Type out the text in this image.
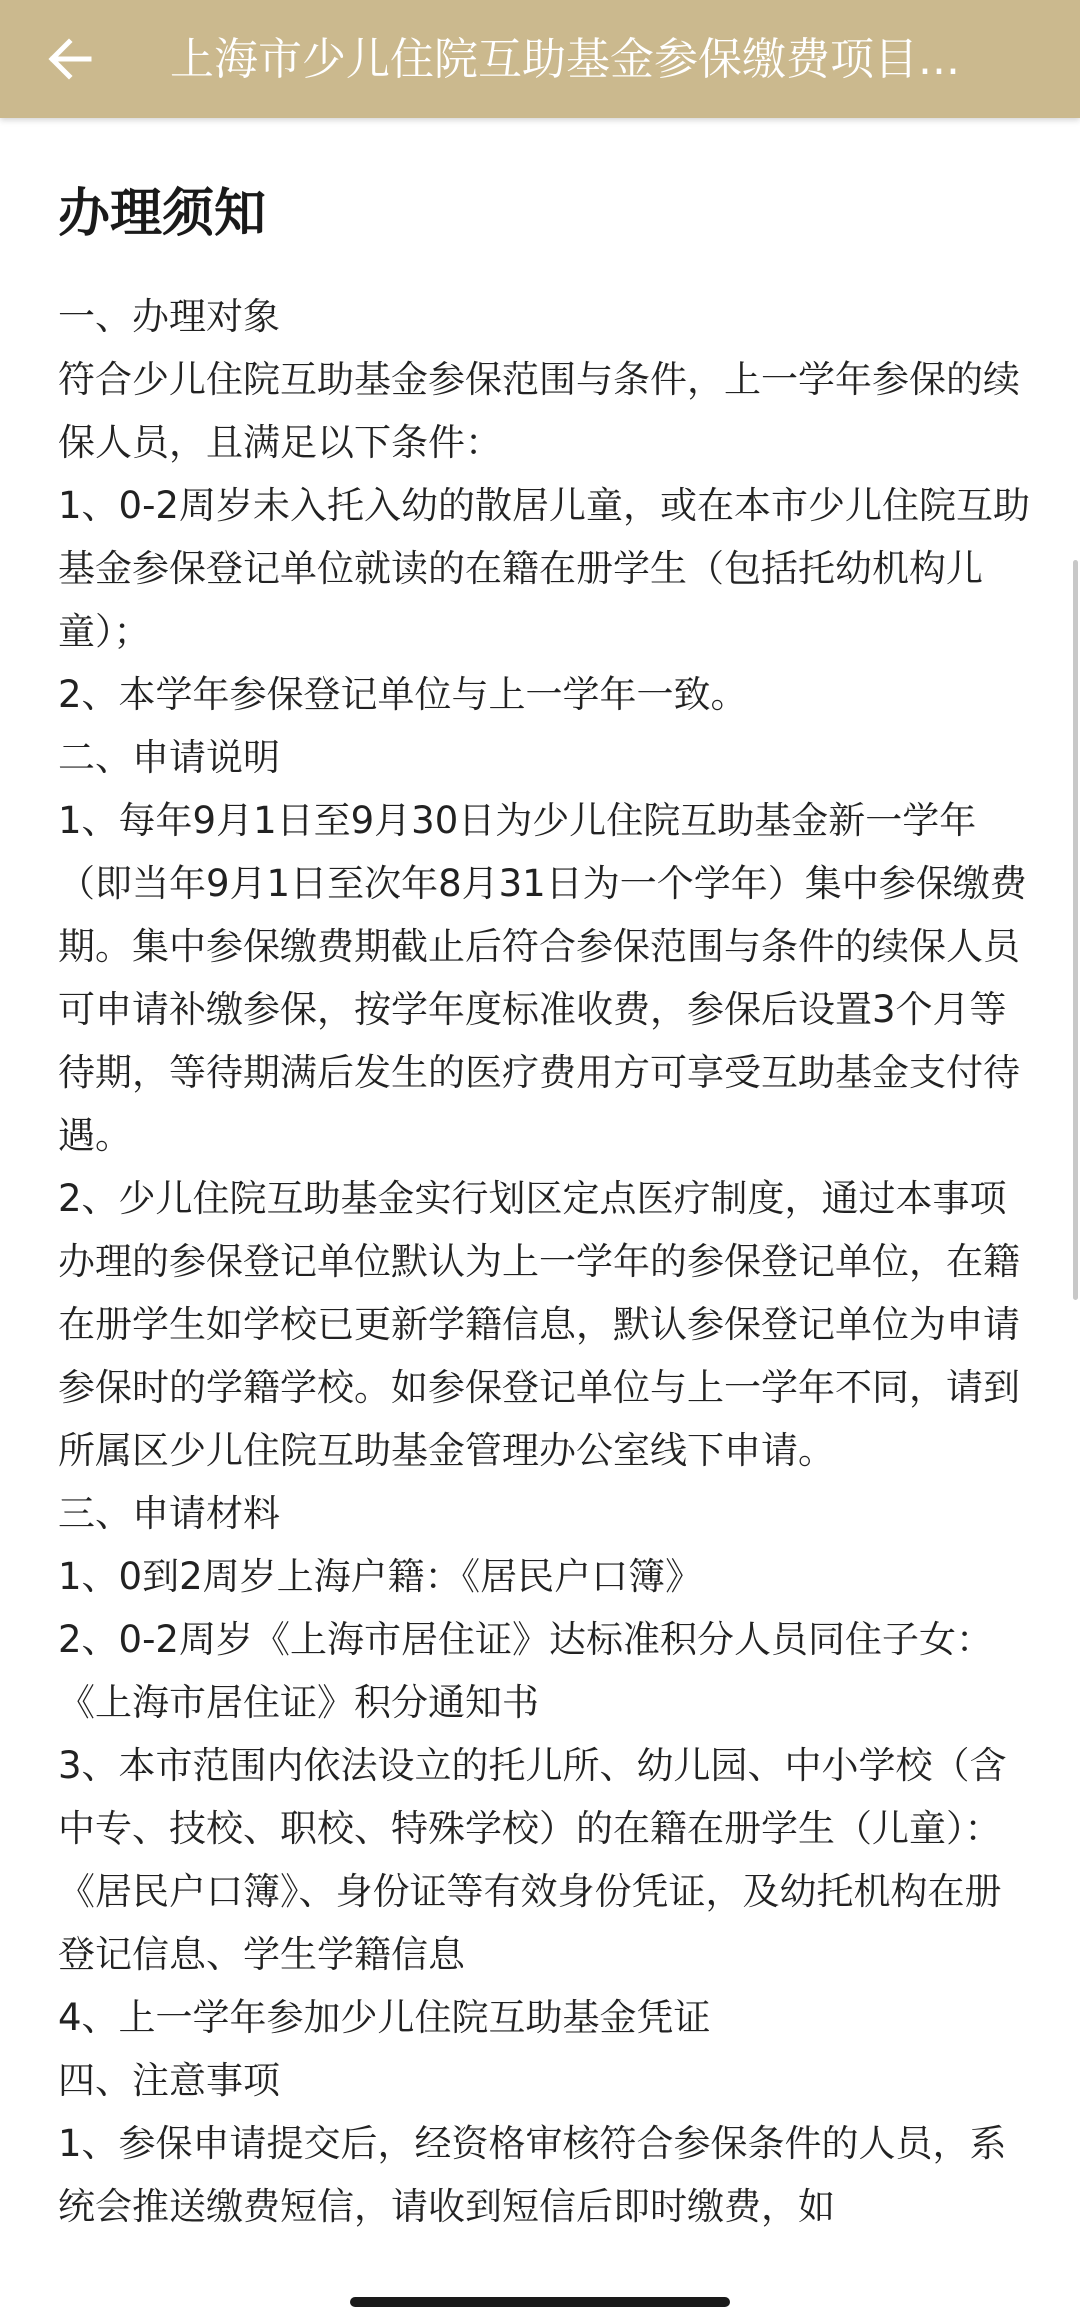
上海市少儿住院互助基金参保缴费项目...
办理须知

一、办理对象

符合少儿住院互助基金参保范围与条件，上一学年参保的续保人员，且满足以下条件：

1、0-2周岁未入托入幼的散居儿童，或在本市少儿住院互助基金参保登记单位就读的在籍在册学生（包括托幼机构儿童）；

2、本学年参保登记单位与上一学年一致。

二、申请说明

1、每年9月1日至9月30日为少儿住院互助基金新一学年（即当年9月1日至次年8月31日为一个学年）集中参保缴费期。集中参保缴费期截止后符合参保范围与条件的续保人员可申请补缴参保，按学年度标准收费，参保后设置3个月等待期，等待期满后发生的医疗费用方可享受互助基金支付待遇。

2、少儿住院互助基金实行划区定点医疗制度，通过本事项办理的参保登记单位默认为上一学年的参保登记单位，在籍在册学生如学校已更新学籍信息，默认参保登记单位为申请参保时的学籍学校。如参保登记单位与上一学年不同，请到所属区少儿住院互助基金管理办公室线下申请。

三、申请材料

1、0到2周岁上海户籍：《居民户口簿》

2、0-2周岁《上海市居住证》达标准积分人员同住子女：《上海市居住证》积分通知书

3、本市范围内依法设立的托儿所、幼儿园、中小学校（含中专、技校、职校、特殊学校）的在籍在册学生（儿童）：《居民户口簿》、身份证等有效身份凭证，及幼托机构在册登记信息、学生学籍信息

4、上一学年参加少儿住院互助基金凭证

四、注意事项

1、参保申请提交后，经资格审核符合参保条件的人员，系统会推送缴费短信，请收到短信后即时缴费，如
